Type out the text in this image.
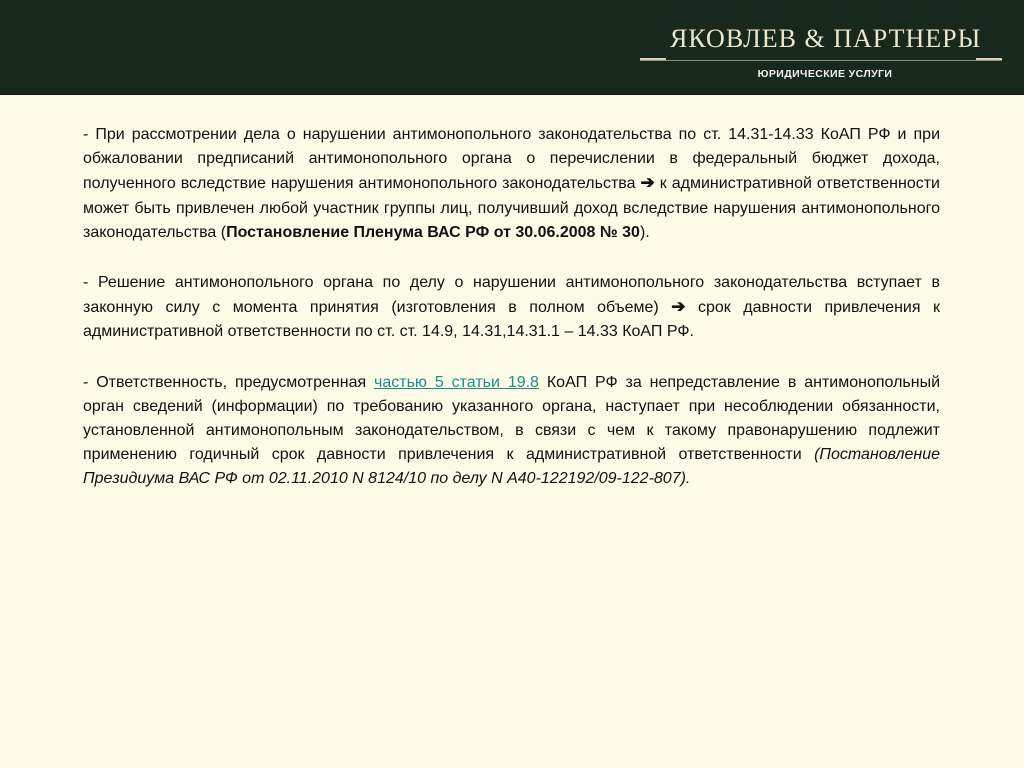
ЯКОВЛЕВ & ПАРТНЕРЫ
ЮРИДИЧЕСКИЕ УСЛУГИ

- При рассмотрении дела о нарушении антимонопольного законодательства по ст. 14.31-14.33 КоАП РФ и при обжаловании предписаний антимонопольного органа о перечислении в федеральный бюджет дохода, полученного вследствие нарушения антимонопольного законодательства ➔ к административной ответственности может быть привлечен любой участник группы лиц, получивший доход вследствие нарушения антимонопольного законодательства (Постановление Пленума ВАС РФ от 30.06.2008 № 30).

- Решение антимонопольного органа по делу о нарушении антимонопольного законодательства вступает в законную силу с момента принятия (изготовления в полном объеме) ➔ срок давности привлечения к административной ответственности по ст. ст. 14.9, 14.31,14.31.1 – 14.33 КоАП РФ.

- Ответственность, предусмотренная частью 5 статьи 19.8 КоАП РФ за непредставление в антимонопольный орган сведений (информации) по требованию указанного органа, наступает при несоблюдении обязанности, установленной антимонопольным законодательством, в связи с чем к такому правонарушению подлежит применению годичный срок давности привлечения к административной ответственности (Постановление Президиума ВАС РФ от 02.11.2010 N 8124/10 по делу N А40-122192/09-122-807).
